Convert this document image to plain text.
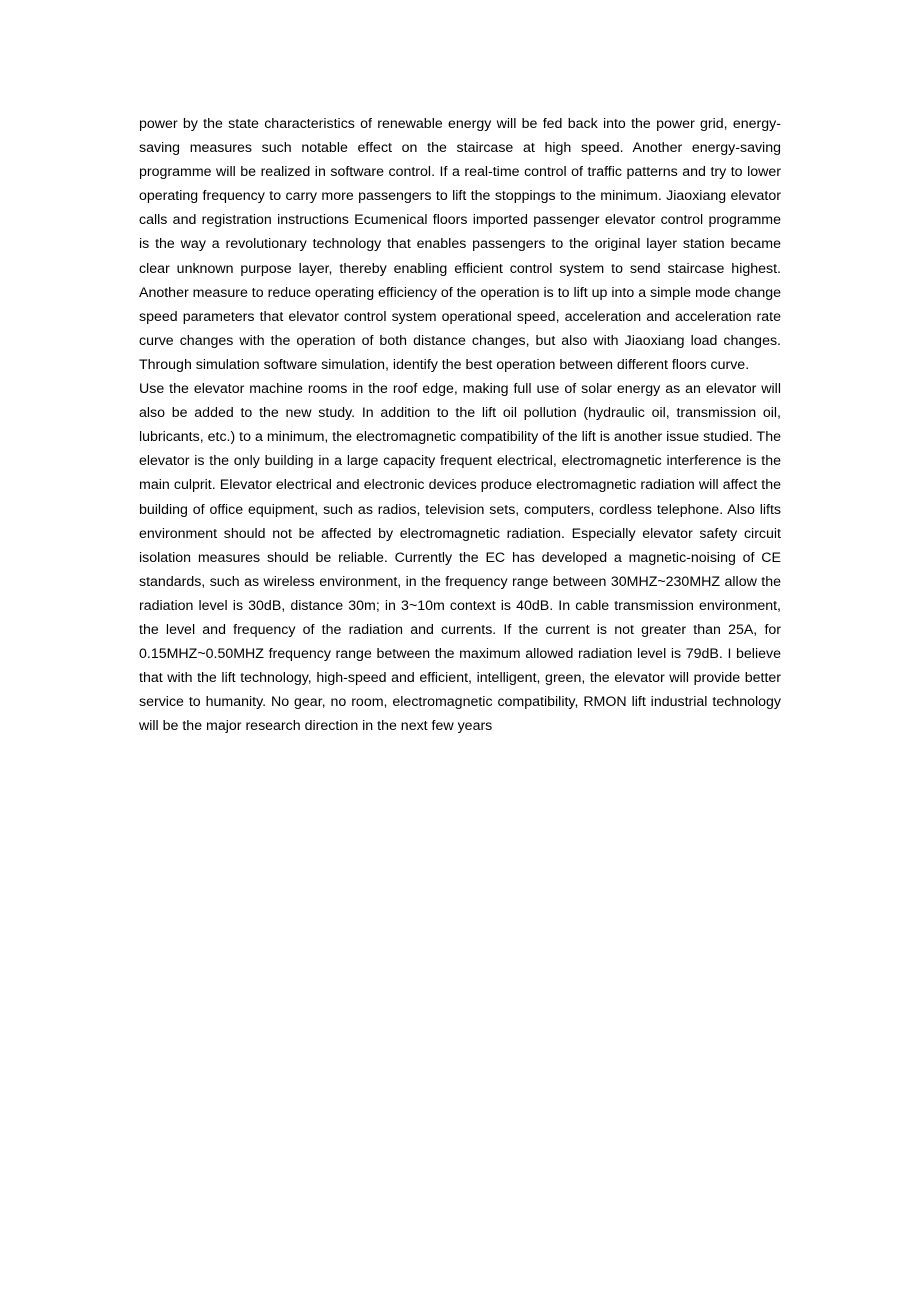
power by the state characteristics of renewable energy will be fed back into the power grid, energy-saving measures such notable effect on the staircase at high speed. Another energy-saving programme will be realized in software control. If a real-time control of traffic patterns and try to lower operating frequency to carry more passengers to lift the stoppings to the minimum. Jiaoxiang elevator calls and registration instructions Ecumenical floors imported passenger elevator control programme is the way a revolutionary technology that enables passengers to the original layer station became clear unknown purpose layer, thereby enabling efficient control system to send staircase highest. Another measure to reduce operating efficiency of the operation is to lift up into a simple mode change speed parameters that elevator control system operational speed, acceleration and acceleration rate curve changes with the operation of both distance changes, but also with Jiaoxiang load changes. Through simulation software simulation, identify the best operation between different floors curve.

Use the elevator machine rooms in the roof edge, making full use of solar energy as an elevator will also be added to the new study. In addition to the lift oil pollution (hydraulic oil, transmission oil, lubricants, etc.) to a minimum, the electromagnetic compatibility of the lift is another issue studied. The elevator is the only building in a large capacity frequent electrical, electromagnetic interference is the main culprit. Elevator electrical and electronic devices produce electromagnetic radiation will affect the building of office equipment, such as radios, television sets, computers, cordless telephone. Also lifts environment should not be affected by electromagnetic radiation. Especially elevator safety circuit isolation measures should be reliable. Currently the EC has developed a magnetic-noising of CE standards, such as wireless environment, in the frequency range between 30MHZ~230MHZ allow the radiation level is 30dB, distance 30m; in 3~10m context is 40dB. In cable transmission environment, the level and frequency of the radiation and currents. If the current is not greater than 25A, for 0.15MHZ~0.50MHZ frequency range between the maximum allowed radiation level is 79dB. I believe that with the lift technology, high-speed and efficient, intelligent, green, the elevator will provide better service to humanity. No gear, no room, electromagnetic compatibility, RMON lift industrial technology will be the major research direction in the next few years
